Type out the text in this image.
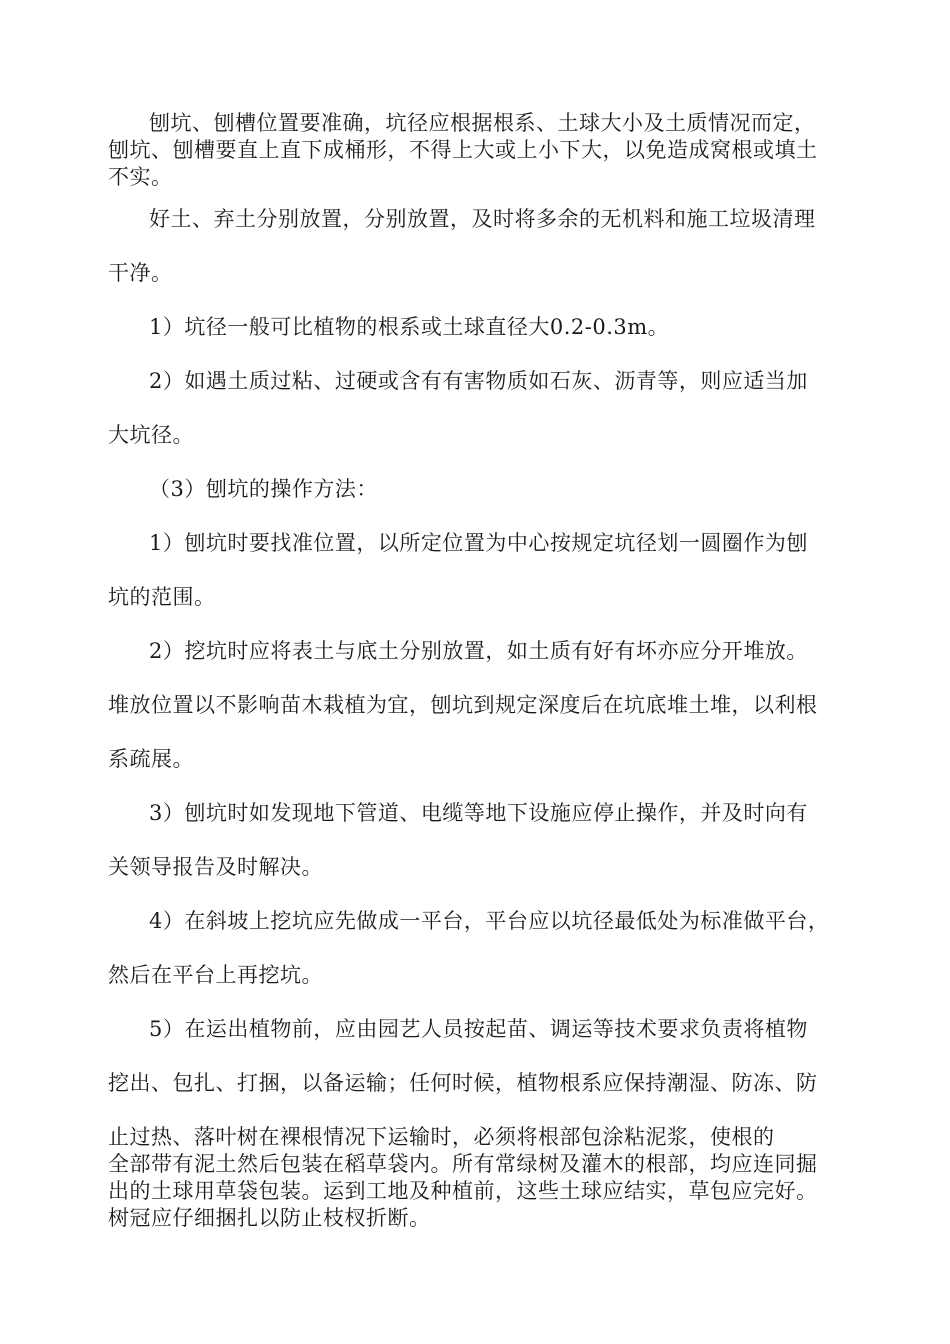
刨坑、刨槽位置要准确，坑径应根据根系、土球大小及土质情况而定，
刨坑、刨槽要直上直下成桶形，不得上大或上小下大，以免造成窝根或填土
不实。
好土、弃土分别放置，分别放置，及时将多余的无机料和施工垃圾清理
干净。
1）坑径一般可比植物的根系或土球直径大0.2-0.3m。
2）如遇土质过粘、过硬或含有有害物质如石灰、沥青等，则应适当加
大坑径。
（3）刨坑的操作方法：
1）刨坑时要找准位置，以所定位置为中心按规定坑径划一圆圈作为刨
坑的范围。
2）挖坑时应将表土与底土分别放置，如土质有好有坏亦应分开堆放。
堆放位置以不影响苗木栽植为宜，刨坑到规定深度后在坑底堆土堆，以利根
系疏展。
3）刨坑时如发现地下管道、电缆等地下设施应停止操作，并及时向有
关领导报告及时解决。
4）在斜坡上挖坑应先做成一平台，平台应以坑径最低处为标准做平台，
然后在平台上再挖坑。
5）在运出植物前，应由园艺人员按起苗、调运等技术要求负责将植物
挖出、包扎、打捆，以备运输；任何时候，植物根系应保持潮湿、防冻、防
止过热、落叶树在裸根情况下运输时，必须将根部包涂粘泥浆，使根的
全部带有泥土然后包装在稻草袋内。所有常绿树及灌木的根部，均应连同掘
出的土球用草袋包装。运到工地及种植前，这些土球应结实，草包应完好。
树冠应仔细捆扎以防止枝杈折断。
